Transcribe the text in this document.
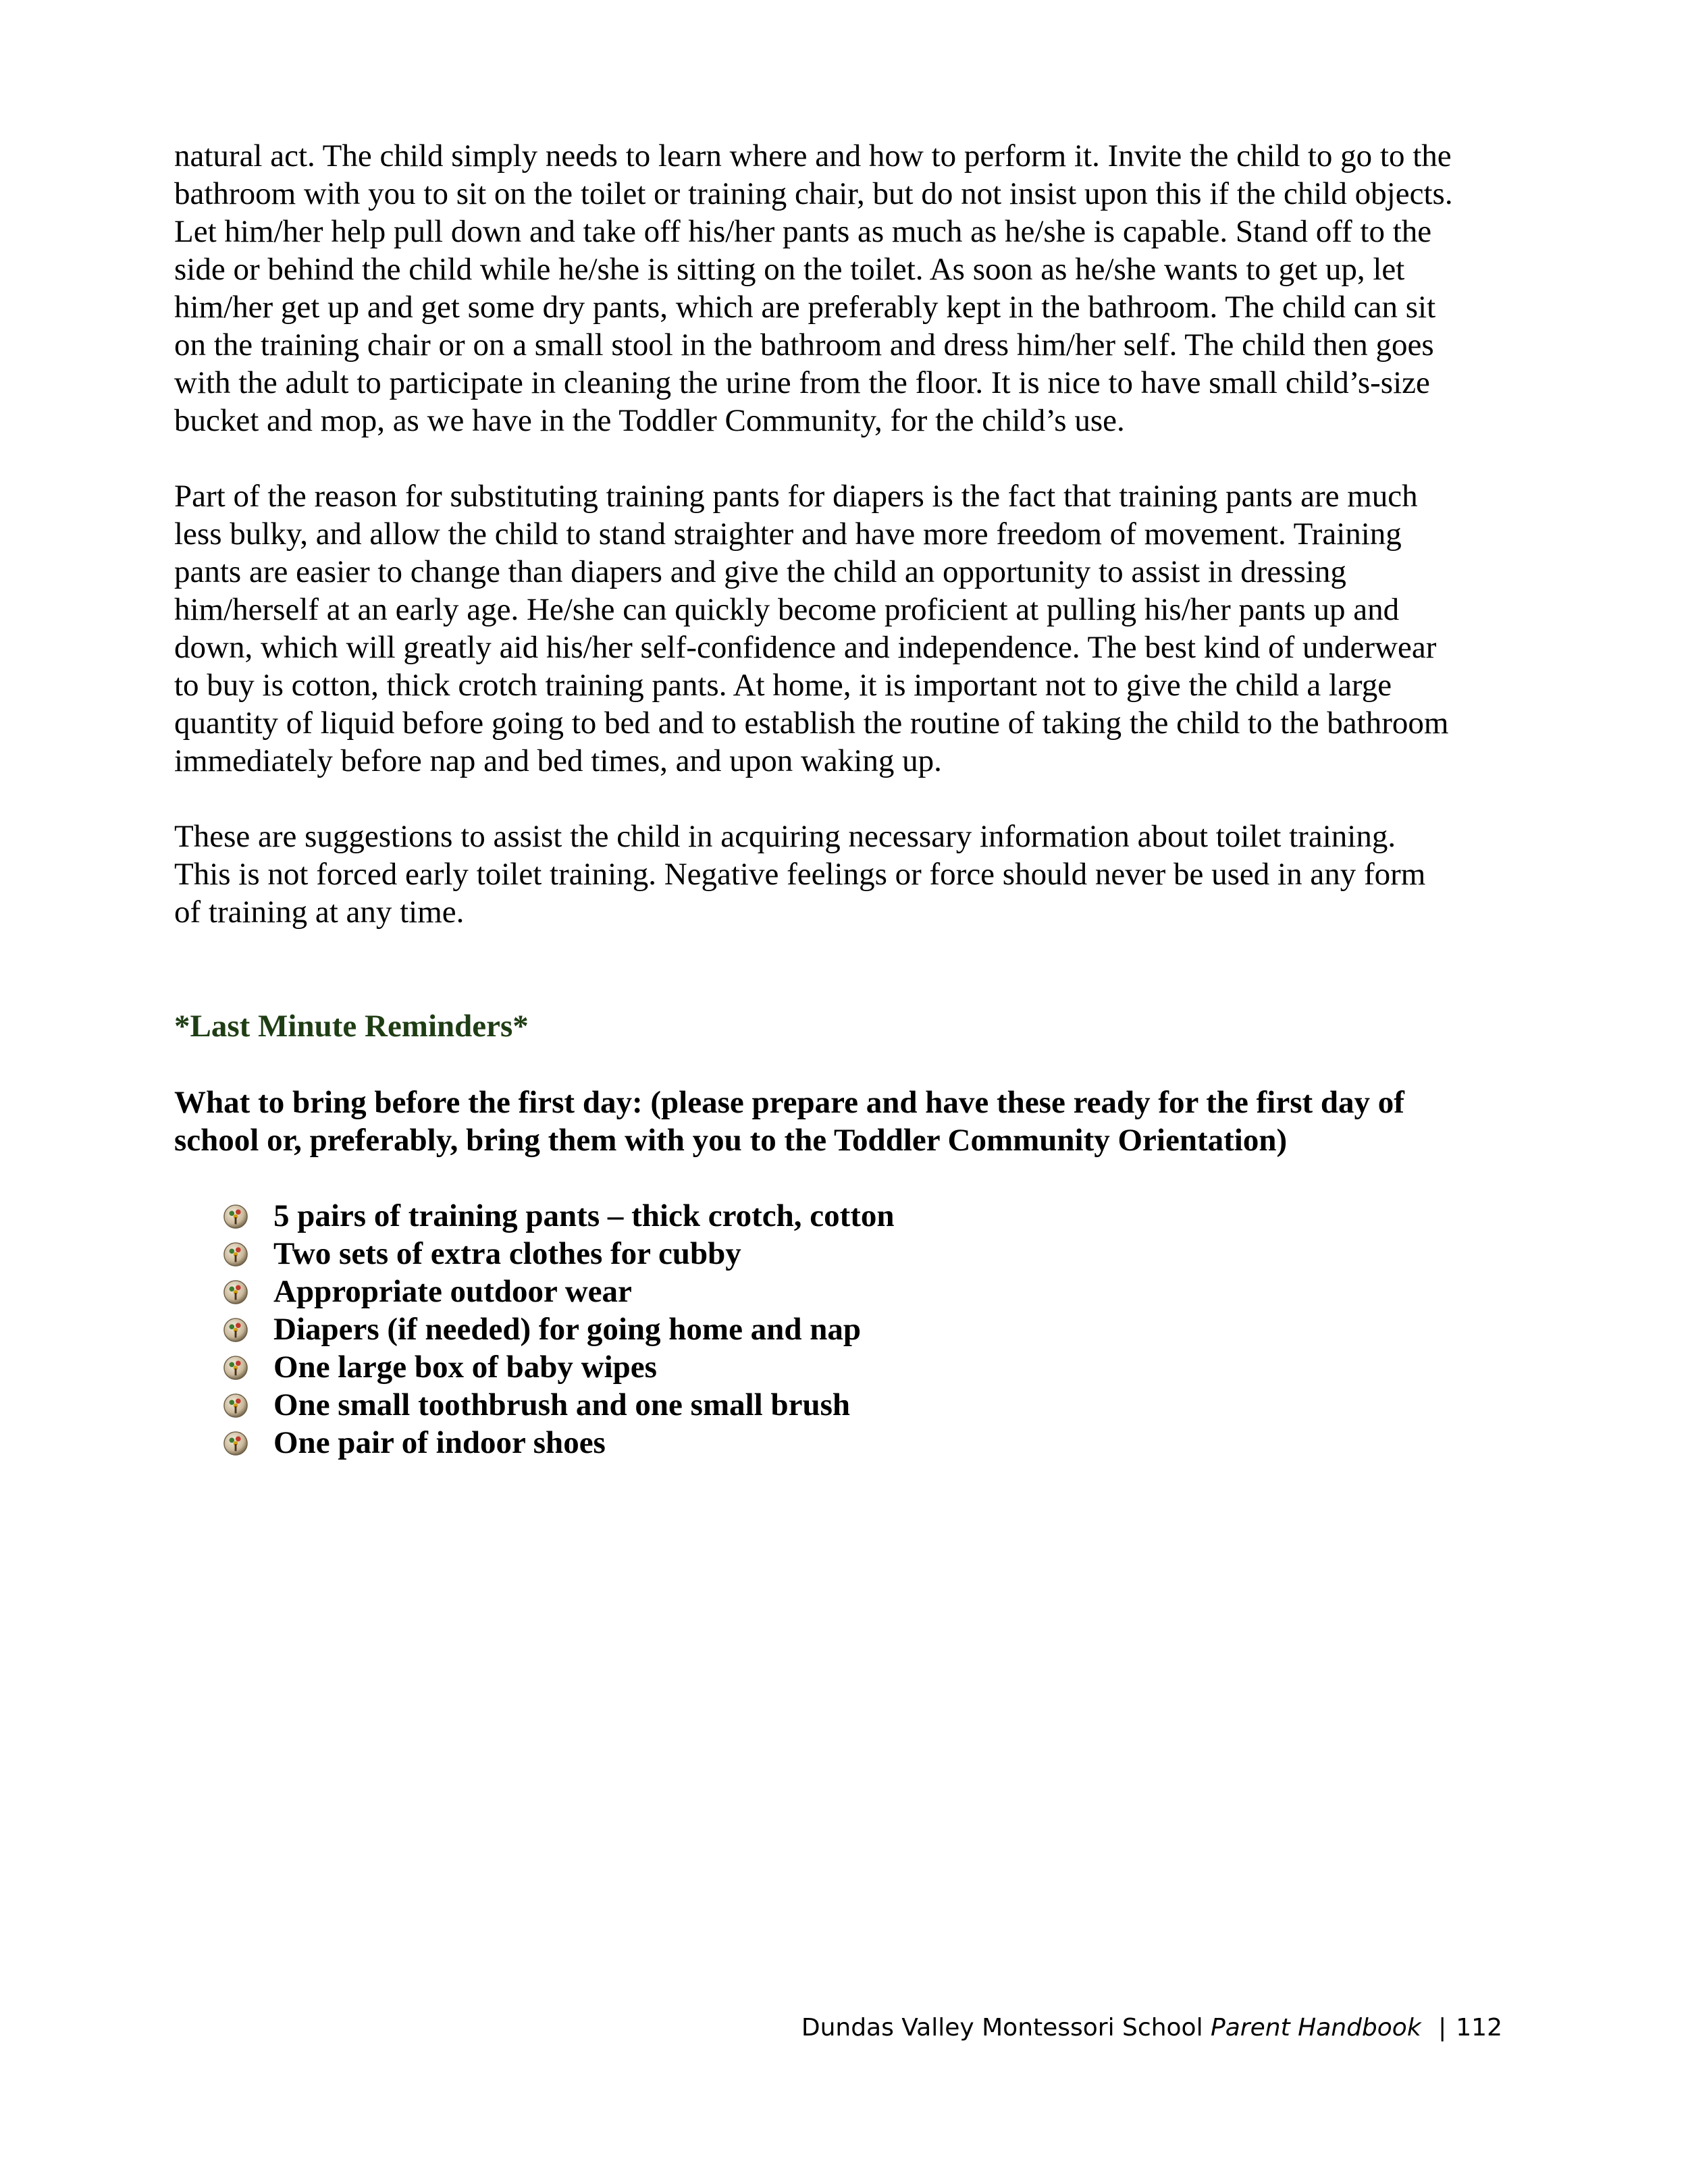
natural act. The child simply needs to learn where and how to perform it. Invite the child to go to the
bathroom with you to sit on the toilet or training chair, but do not insist upon this if the child objects.
Let him/her help pull down and take off his/her pants as much as he/she is capable. Stand off to the
side or behind the child while he/she is sitting on the toilet. As soon as he/she wants to get up, let
him/her get up and get some dry pants, which are preferably kept in the bathroom. The child can sit
on the training chair or on a small stool in the bathroom and dress him/her self. The child then goes
with the adult to participate in cleaning the urine from the floor. It is nice to have small child’s-size
bucket and mop, as we have in the Toddler Community, for the child’s use.

Part of the reason for substituting training pants for diapers is the fact that training pants are much
less bulky, and allow the child to stand straighter and have more freedom of movement. Training
pants are easier to change than diapers and give the child an opportunity to assist in dressing
him/herself at an early age. He/she can quickly become proficient at pulling his/her pants up and
down, which will greatly aid his/her self-confidence and independence. The best kind of underwear
to buy is cotton, thick crotch training pants. At home, it is important not to give the child a large
quantity of liquid before going to bed and to establish the routine of taking the child to the bathroom
immediately before nap and bed times, and upon waking up.

These are suggestions to assist the child in acquiring necessary information about toilet training.
This is not forced early toilet training. Negative feelings or force should never be used in any form
of training at any time.

*Last Minute Reminders*

What to bring before the first day: (please prepare and have these ready for the first day of
school or, preferably, bring them with you to the Toddler Community Orientation)

5 pairs of training pants – thick crotch, cotton
Two sets of extra clothes for cubby
Appropriate outdoor wear
Diapers (if needed) for going home and nap
One large box of baby wipes
One small toothbrush and one small brush
One pair of indoor shoes
Dundas Valley Montessori School Parent Handbook | 112
